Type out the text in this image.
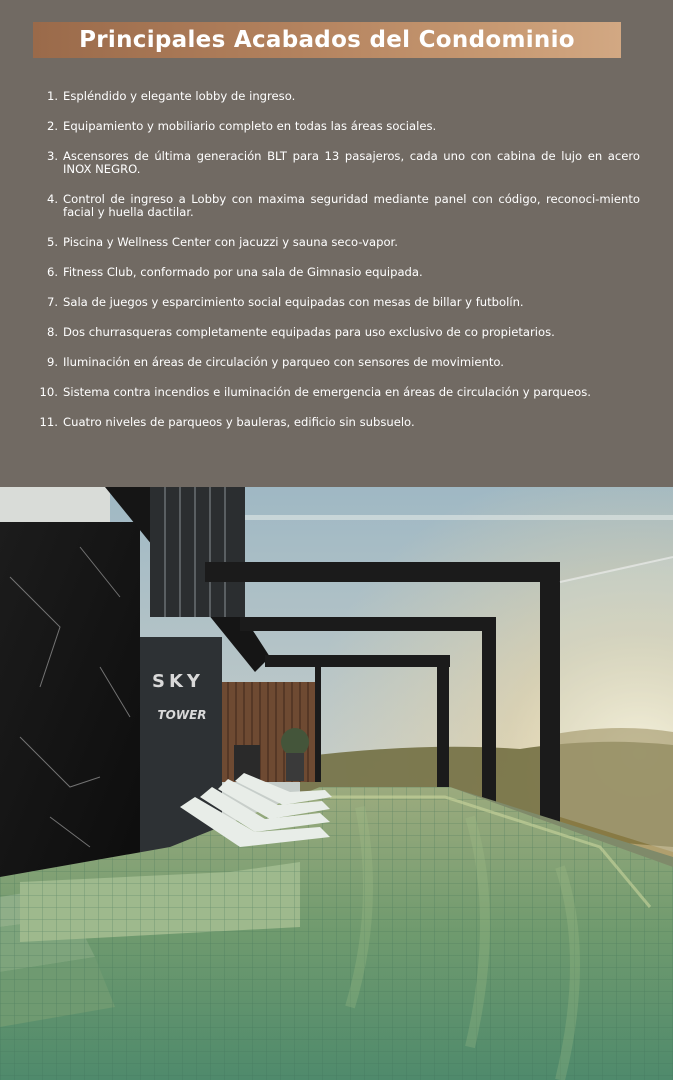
Principales Acabados del Condominio
1. Espléndido y elegante lobby de ingreso.
2. Equipamiento y mobiliario completo en todas las áreas sociales.
3. Ascensores de última generación BLT para 13 pasajeros, cada uno con cabina de lujo en acero INOX NEGRO.
4. Control de ingreso a Lobby con maxima seguridad mediante panel con código, reconoci-miento facial y huella dactilar.
5. Piscina y Wellness Center con jacuzzi y sauna seco-vapor.
6. Fitness Club, conformado por una sala de Gimnasio equipada.
7. Sala de juegos y esparcimiento social equipadas con mesas de billar y futbolín.
8. Dos churrasqueras completamente equipadas para uso exclusivo de co propietarios.
9. Iluminación en áreas de circulación y parqueo con sensores de movimiento.
10. Sistema contra incendios e iluminación de emergencia en áreas de circulación y parqueos.
11. Cuatro niveles de parqueos y bauleras, edificio sin subsuelo.
SKY
TOWER
